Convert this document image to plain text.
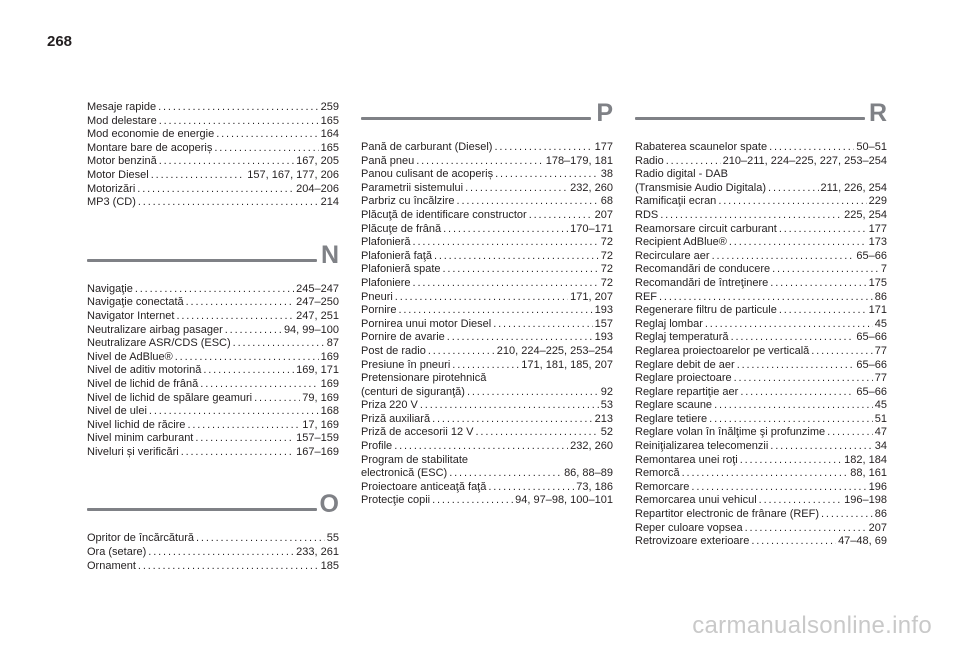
268
Mesaje rapide . . .	259
Mod delestare . . .	165
Mod economie de energie . . .	164
Montare bare de acoperiș . . .	165
Motor benzină . . .	167, 205
Motor Diesel . . .	157, 167, 177, 206
Motorizări . . .	204–206
MP3 (CD) . . .	214
N
Navigaţie . . .	245–247
Navigaţie conectată . . .	247–250
Navigator Internet . . .	247, 251
Neutralizare airbag pasager . . .	94, 99–100
Neutralizare ASR/CDS (ESC) . . .	87
Nivel de AdBlue® . . .	169
Nivel de aditiv motorină . . .	169, 171
Nivel de lichid de frână . . .	169
Nivel de lichid de spălare geamuri . . .	79, 169
Nivel de ulei . . .	168
Nivel lichid de răcire . . .	17, 169
Nivel minim carburant . . .	157–159
Niveluri și verificări . . .	167–169
O
Opritor de încărcătură . . .	55
Ora (setare) . . .	233, 261
Ornament . . .	185
P
Pană de carburant (Diesel) . . .	177
Pană pneu . . .	178–179, 181
Panou culisant de acoperiș . . .	38
Parametrii sistemului . . .	232, 260
Parbriz cu încălzire . . .	68
Plăcuţă de identificare constructor . . .	207
Plăcuţe de frână . . .	170–171
Plafonieră . . .	72
Plafonieră faţă . . .	72
Plafonieră spate . . .	72
Plafoniere . . .	72
Pneuri . . .	171, 207
Pornire . . .	193
Pornirea unui motor Diesel . . .	157
Pornire de avarie . . .	193
Post de radio . . .	210, 224–225, 253–254
Presiune în pneuri . . .	171, 181, 185, 207
Pretensionare pirotehnică
(centuri de siguranţă) . . .	92
Priza 220 V . . .	53
Priză auxiliară . . .	213
Priză de accesorii 12 V . . .	52
Profile . . .	232, 260
Program de stabilitate
electronică (ESC) . . .	86, 88–89
Proiectoare anticeaţă faţă . . .	73, 186
Protecţie copii . . .	94, 97–98, 100–101
R
Rabaterea scaunelor spate . . .	50–51
Radio . . .	210–211, 224–225, 227, 253–254
Radio digital - DAB
(Transmisie Audio Digitala) . . .	211, 226, 254
Ramificaţii ecran . . .	229
RDS . . .	225, 254
Reamorsare circuit carburant . . .	177
Recipient AdBlue® . . .	173
Recirculare aer . . .	65–66
Recomandări de conducere . . .	7
Recomandări de întreţinere . . .	175
REF . . .	86
Regenerare filtru de particule . . .	171
Reglaj lombar . . .	45
Reglaj temperatură . . .	65–66
Reglarea proiectoarelor pe verticală . . .	77
Reglare debit de aer . . .	65–66
Reglare proiectoare . . .	77
Reglare repartiţie aer . . .	65–66
Reglare scaune . . .	45
Reglare tetiere . . .	51
Reglare volan în înălţime şi profunzime . . .	47
Reiniţializarea telecomenzii . . .	34
Remontarea unei roţi . . .	182, 184
Remorcă . . .	88, 161
Remorcare . . .	196
Remorcarea unui vehicul . . .	196–198
Repartitor electronic de frânare (REF) . . .	86
Reper culoare vopsea . . .	207
Retrovizoare exterioare . . .	47–48, 69
carmanualsonline.info
